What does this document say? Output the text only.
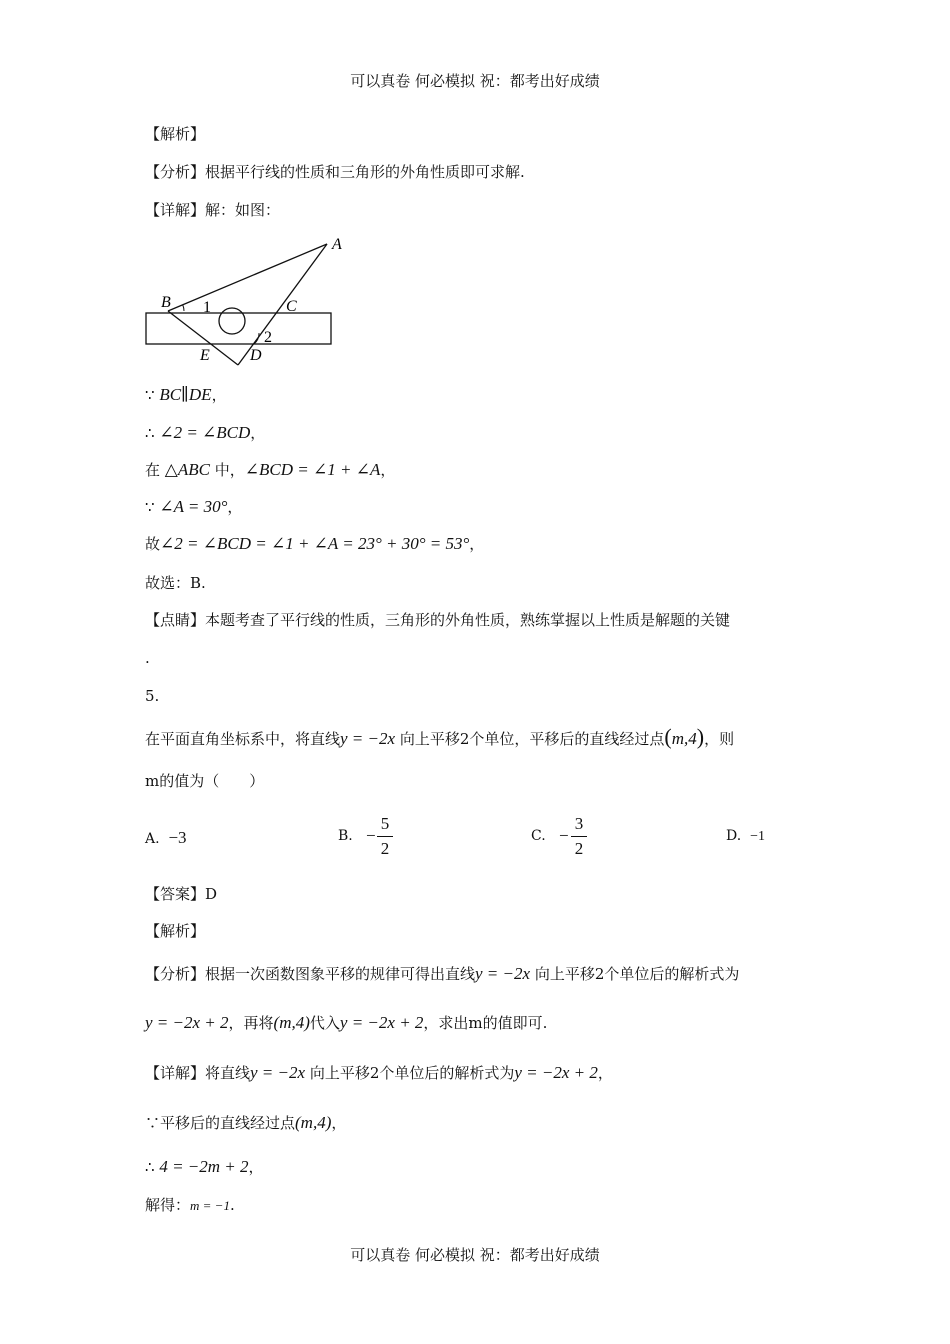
可以真卷 何必模拟 祝：都考出好成绩
【解析】
【分析】根据平行线的性质和三角形的外角性质即可求解.
【详解】解：如图：
A
B	C
D
E
1
2
∵ BC∥DE，
∴ ∠2 = ∠BCD，
在 △ABC 中，∠BCD = ∠1 + ∠A，
∵ ∠A = 30°，
故∠2 = ∠BCD = ∠1 + ∠A = 23° + 30° = 53°，
故选：B.
【点睛】本题考查了平行线的性质，三角形的外角性质，熟练掌握以上性质是解题的关键
.
5.
在平面直角坐标系中，将直线y = −2x 向上平移2个单位，平移后的直线经过点(m,4)，则
m的值为（　　）
A. −3	B. −
5
2
C. −
3
2
D. −1
【答案】D
【解析】
【分析】根据一次函数图象平移的规律可得出直线y = −2x 向上平移2个单位后的解析式为
y = −2x + 2，再将(m,4)代入y = −2x + 2，求出m的值即可.
【详解】将直线y = −2x 向上平移2个单位后的解析式为y = −2x + 2，
∵平移后的直线经过点(m,4)，
∴ 4 = −2m + 2，
解得：m = −1.
可以真卷 何必模拟 祝：都考出好成绩
